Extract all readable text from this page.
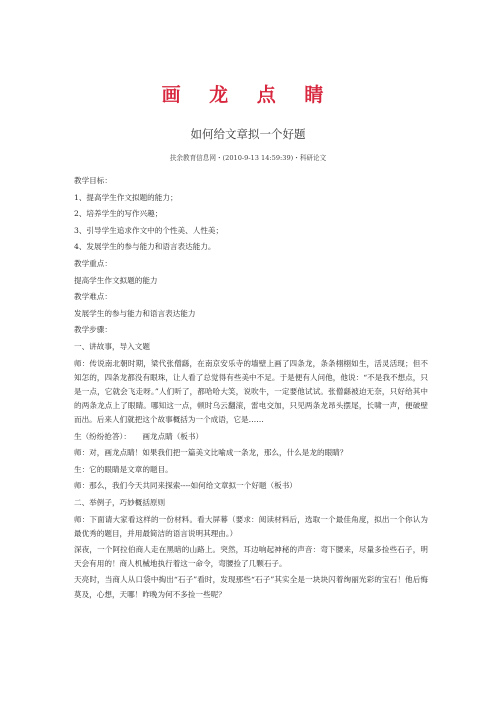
画 龙 点 睛
如何给文章拟一个好题
扶余教育信息网・(2010-9-13 14:59:39)・科研论文

教学目标：

1、提高学生作文拟题的能力；

2、培养学生的写作兴趣；

3、引导学生追求作文中的个性美、人性美；

4、发展学生的参与能力和语言表达能力。

教学重点：

提高学生作文拟题的能力

教学难点：

发展学生的参与能力和语言表达能力

教学步骤：

一、讲故事，导入文题

师：传说南北朝时期，梁代张僧繇，在南京安乐寺的墙壁上画了四条龙，条条栩栩如生，活灵活现；但不知怎的，四条龙都没有眼珠，让人看了总觉得有些美中不足。于是便有人问他，他说：“不是我不想点，只是一点，它就会飞走呀。”人们听了，都哈哈大笑，说吹牛，一定要他试试。张僧繇被迫无奈，只好给其中的两条龙点上了眼睛。哪知这一点，顿时乌云翻滚，雷电交加，只见两条龙昂头摆尾，长啸一声，便破壁而出。后来人们就把这个故事概括为一个成语，它是……

生（纷纷抢答）：　　画龙点睛（板书）

师：对，画龙点睛！如果我们把一篇美文比喻成一条龙，那么，什么是龙的眼睛？

生：它的眼睛是文章的题目。

师：那么，我们今天共同来探索----如何给文章拟一个好题（板书）

二、举例子，巧妙概括原则

师：下面请大家看这样的一份材料。看大屏幕（要求：阅读材料后，选取一个最佳角度，拟出一个你认为最优秀的题目，并用最简洁的语言说明其理由。）

深夜，一个阿拉伯商人走在黑暗的山路上。突然，耳边响起神秘的声音：弯下腰来，尽量多捡些石子，明天会有用的！商人机械地执行着这一命令，弯腰捡了几颗石子。

天亮时，当商人从口袋中掏出“石子”看时，发现那些“石子”其实全是一块块闪着绚丽光彩的宝石！他后悔莫及，心想，天哪！昨晚为何不多捡一些呢？
